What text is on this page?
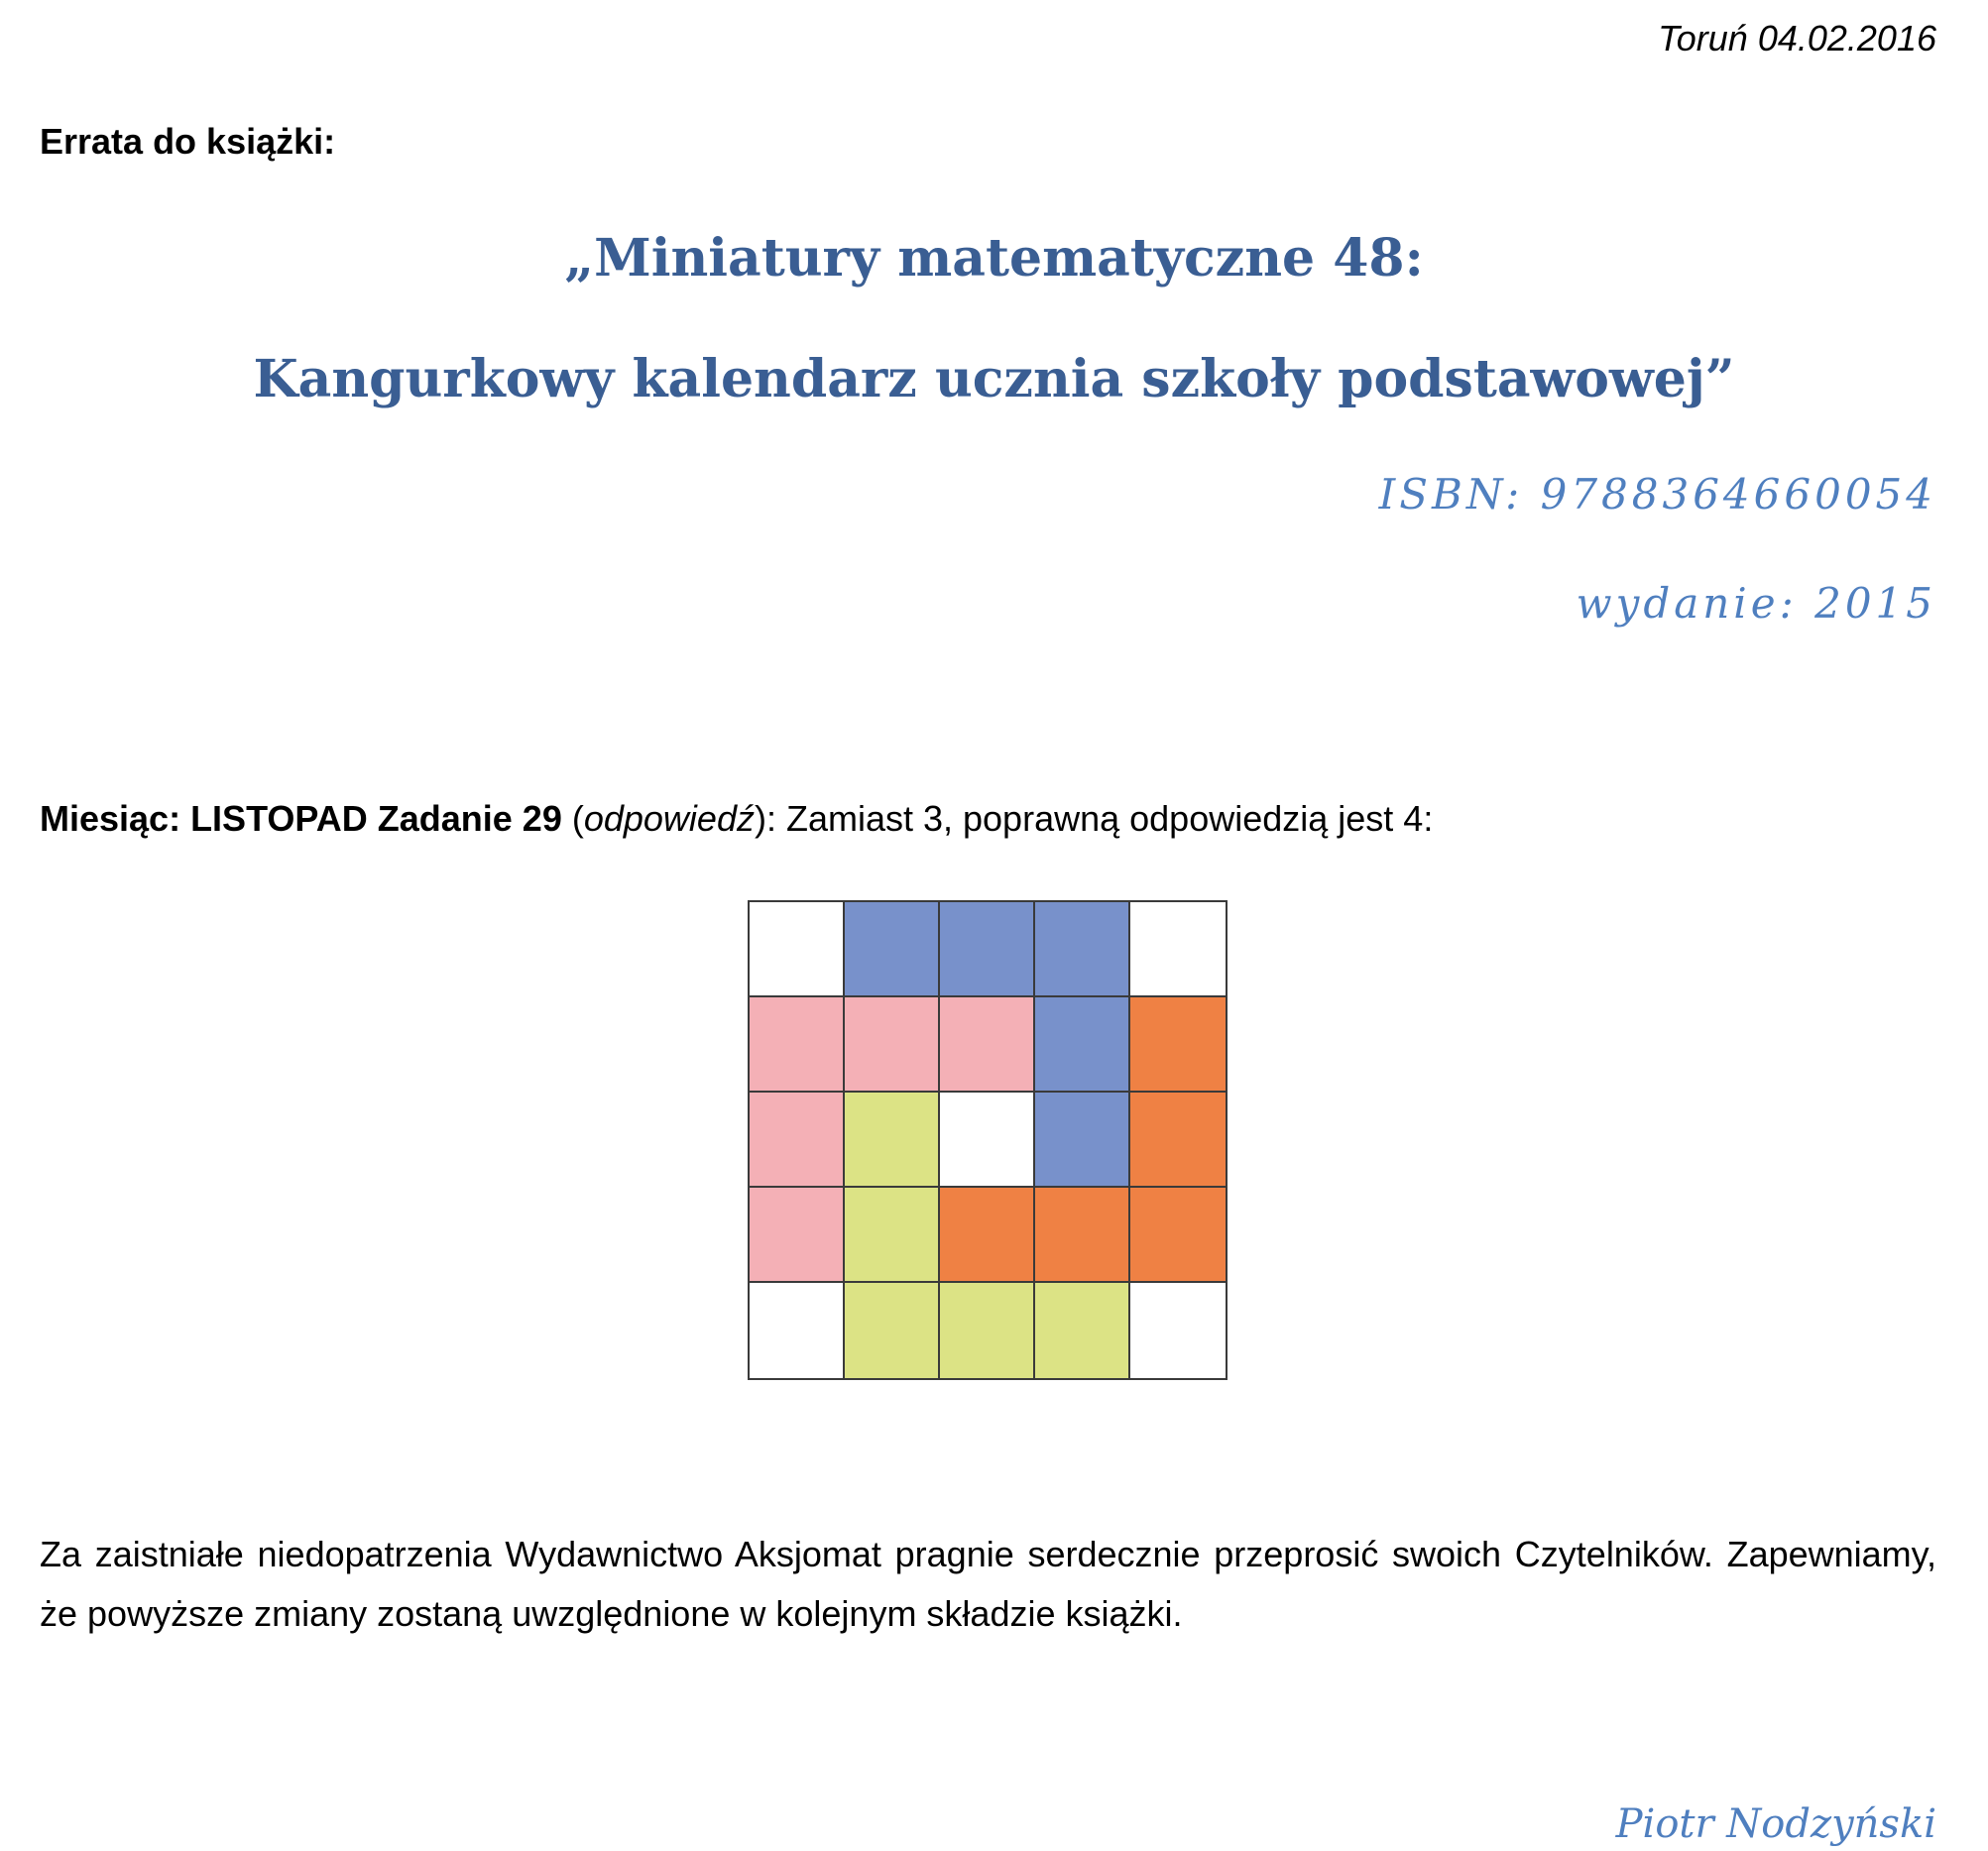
Toruń 04.02.2016
Errata do książki:
„Miniatury matematyczne 48:
Kangurkowy kalendarz ucznia szkoły podstawowej”
ISBN: 9788364660054
wydanie: 2015
Miesiąc: LISTOPAD Zadanie 29 (odpowiedź): Zamiast 3, poprawną odpowiedzią jest 4:
Za zaistniałe niedopatrzenia Wydawnictwo Aksjomat pragnie serdecznie przeprosić swoich Czytelników. Zapewniamy, że powyższe zmiany zostaną uwzględnione w kolejnym składzie książki.
Piotr Nodzyński
